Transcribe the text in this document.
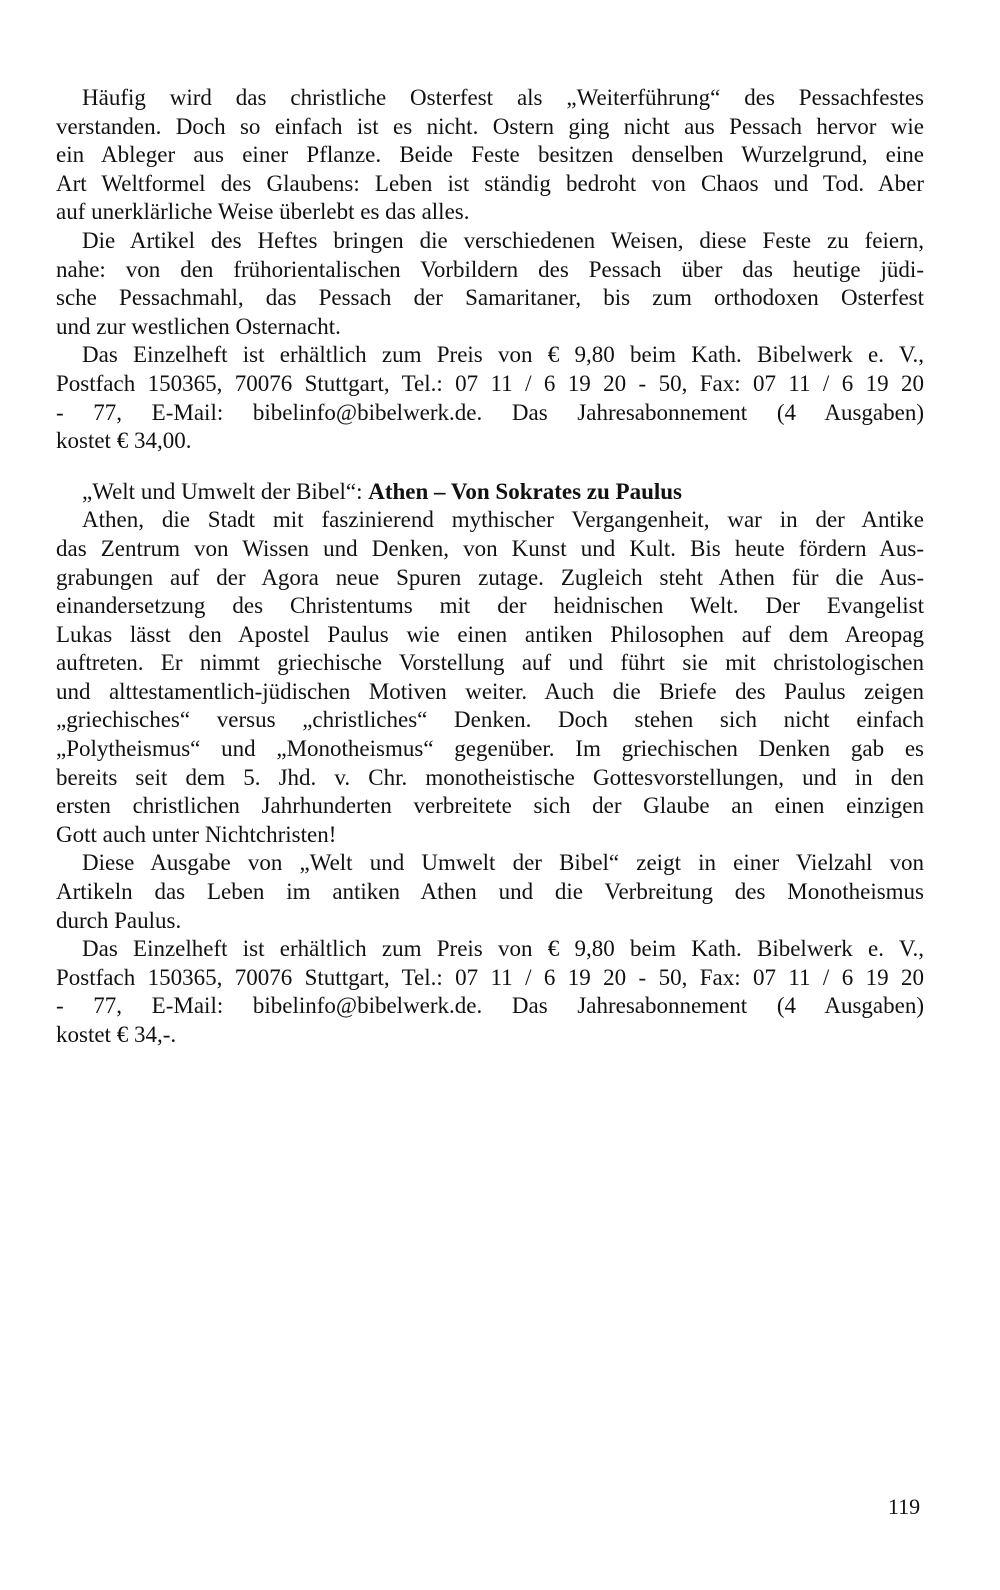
Häufig wird das christliche Osterfest als „Weiterführung“ des Pessachfestes
verstanden. Doch so einfach ist es nicht. Ostern ging nicht aus Pessach hervor wie
ein Ableger aus einer Pflanze. Beide Feste besitzen denselben Wurzelgrund, eine
Art Weltformel des Glaubens: Leben ist ständig bedroht von Chaos und Tod. Aber
auf unerklärliche Weise überlebt es das alles.
Die Artikel des Heftes bringen die verschiedenen Weisen, diese Feste zu feiern,
nahe: von den frühorientalischen Vorbildern des Pessach über das heutige jüdi-
sche Pessachmahl, das Pessach der Samaritaner, bis zum orthodoxen Osterfest
und zur westlichen Osternacht.
Das Einzelheft ist erhältlich zum Preis von € 9,80 beim Kath. Bibelwerk e. V.,
Postfach 150365, 70076 Stuttgart, Tel.: 07 11 / 6 19 20 - 50, Fax: 07 11 / 6 19 20
- 77, E-Mail: bibelinfo@bibelwerk.de. Das Jahresabonnement (4 Ausgaben)
kostet € 34,00.
„Welt und Umwelt der Bibel“: Athen – Von Sokrates zu Paulus
Athen, die Stadt mit faszinierend mythischer Vergangenheit, war in der Antike
das Zentrum von Wissen und Denken, von Kunst und Kult. Bis heute fördern Aus-
grabungen auf der Agora neue Spuren zutage. Zugleich steht Athen für die Aus-
einandersetzung des Christentums mit der heidnischen Welt. Der Evangelist
Lukas lässt den Apostel Paulus wie einen antiken Philosophen auf dem Areopag
auftreten. Er nimmt griechische Vorstellung auf und führt sie mit christologischen
und alttestamentlich-jüdischen Motiven weiter. Auch die Briefe des Paulus zeigen
„griechisches“ versus „christliches“ Denken. Doch stehen sich nicht einfach
„Polytheismus“ und „Monotheismus“ gegenüber. Im griechischen Denken gab es
bereits seit dem 5. Jhd. v. Chr. monotheistische Gottesvorstellungen, und in den
ersten christlichen Jahrhunderten verbreitete sich der Glaube an einen einzigen
Gott auch unter Nichtchristen!
Diese Ausgabe von „Welt und Umwelt der Bibel“ zeigt in einer Vielzahl von
Artikeln das Leben im antiken Athen und die Verbreitung des Monotheismus
durch Paulus.
Das Einzelheft ist erhältlich zum Preis von € 9,80 beim Kath. Bibelwerk e. V.,
Postfach 150365, 70076 Stuttgart, Tel.: 07 11 / 6 19 20 - 50, Fax: 07 11 / 6 19 20
- 77, E-Mail: bibelinfo@bibelwerk.de. Das Jahresabonnement (4 Ausgaben)
kostet € 34,-.
119
